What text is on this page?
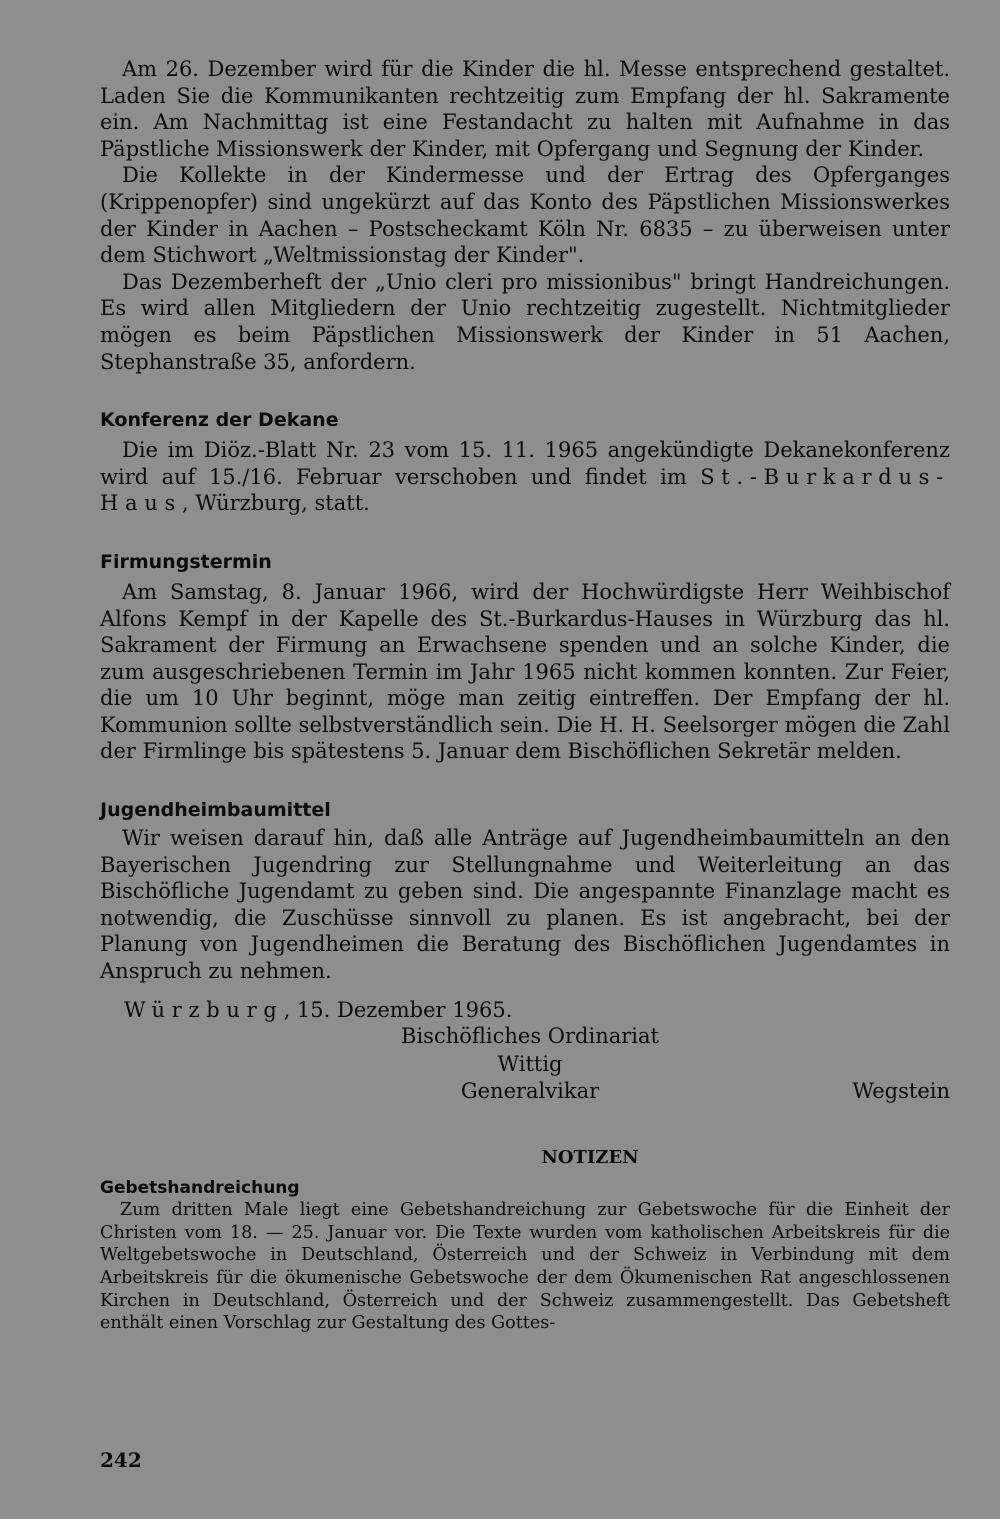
Am 26. Dezember wird für die Kinder die hl. Messe entsprechend gestaltet. Laden Sie die Kommunikanten rechtzeitig zum Empfang der hl. Sakramente ein. Am Nachmittag ist eine Festandacht zu halten mit Aufnahme in das Päpstliche Missionswerk der Kinder, mit Opfergang und Segnung der Kinder.

Die Kollekte in der Kindermesse und der Ertrag des Opferganges (Krippenopfer) sind ungekürzt auf das Konto des Päpstlichen Missionswerkes der Kinder in Aachen – Postscheckamt Köln Nr. 6835 – zu überweisen unter dem Stichwort „Weltmissionstag der Kinder".

Das Dezemberheft der „Unio cleri pro missionibus" bringt Handreichungen. Es wird allen Mitgliedern der Unio rechtzeitig zugestellt. Nichtmitglieder mögen es beim Päpstlichen Missionswerk der Kinder in 51 Aachen, Stephanstraße 35, anfordern.

Konferenz der Dekane

Die im Diöz.-Blatt Nr. 23 vom 15. 11. 1965 angekündigte Dekanekonferenz wird auf 15./16. Februar verschoben und findet im St.-Burkardus-Haus, Würzburg, statt.

Firmungstermin

Am Samstag, 8. Januar 1966, wird der Hochwürdigste Herr Weihbischof Alfons Kempf in der Kapelle des St.-Burkardus-Hauses in Würzburg das hl. Sakrament der Firmung an Erwachsene spenden und an solche Kinder, die zum ausgeschriebenen Termin im Jahr 1965 nicht kommen konnten. Zur Feier, die um 10 Uhr beginnt, möge man zeitig eintreffen. Der Empfang der hl. Kommunion sollte selbstverständlich sein. Die H. H. Seelsorger mögen die Zahl der Firmlinge bis spätestens 5. Januar dem Bischöflichen Sekretär melden.

Jugendheimbaumittel

Wir weisen darauf hin, daß alle Anträge auf Jugendheimbaumitteln an den Bayerischen Jugendring zur Stellungnahme und Weiterleitung an das Bischöfliche Jugendamt zu geben sind. Die angespannte Finanzlage macht es notwendig, die Zuschüsse sinnvoll zu planen. Es ist angebracht, bei der Planung von Jugendheimen die Beratung des Bischöflichen Jugendamtes in Anspruch zu nehmen.

Würzburg, 15. Dezember 1965.
Bischöfliches Ordinariat
Wittig
Generalvikar	Wegstein
NOTIZEN
Gebetshandreichung

Zum dritten Male liegt eine Gebetshandreichung zur Gebetswoche für die Einheit der Christen vom 18. — 25. Januar vor. Die Texte wurden vom katholischen Arbeitskreis für die Weltgebetswoche in Deutschland, Österreich und der Schweiz in Verbindung mit dem Arbeitskreis für die ökumenische Gebetswoche der dem Ökumenischen Rat angeschlossenen Kirchen in Deutschland, Österreich und der Schweiz zusammengestellt. Das Gebetsheft enthält einen Vorschlag zur Gestaltung des Gottes-

242
